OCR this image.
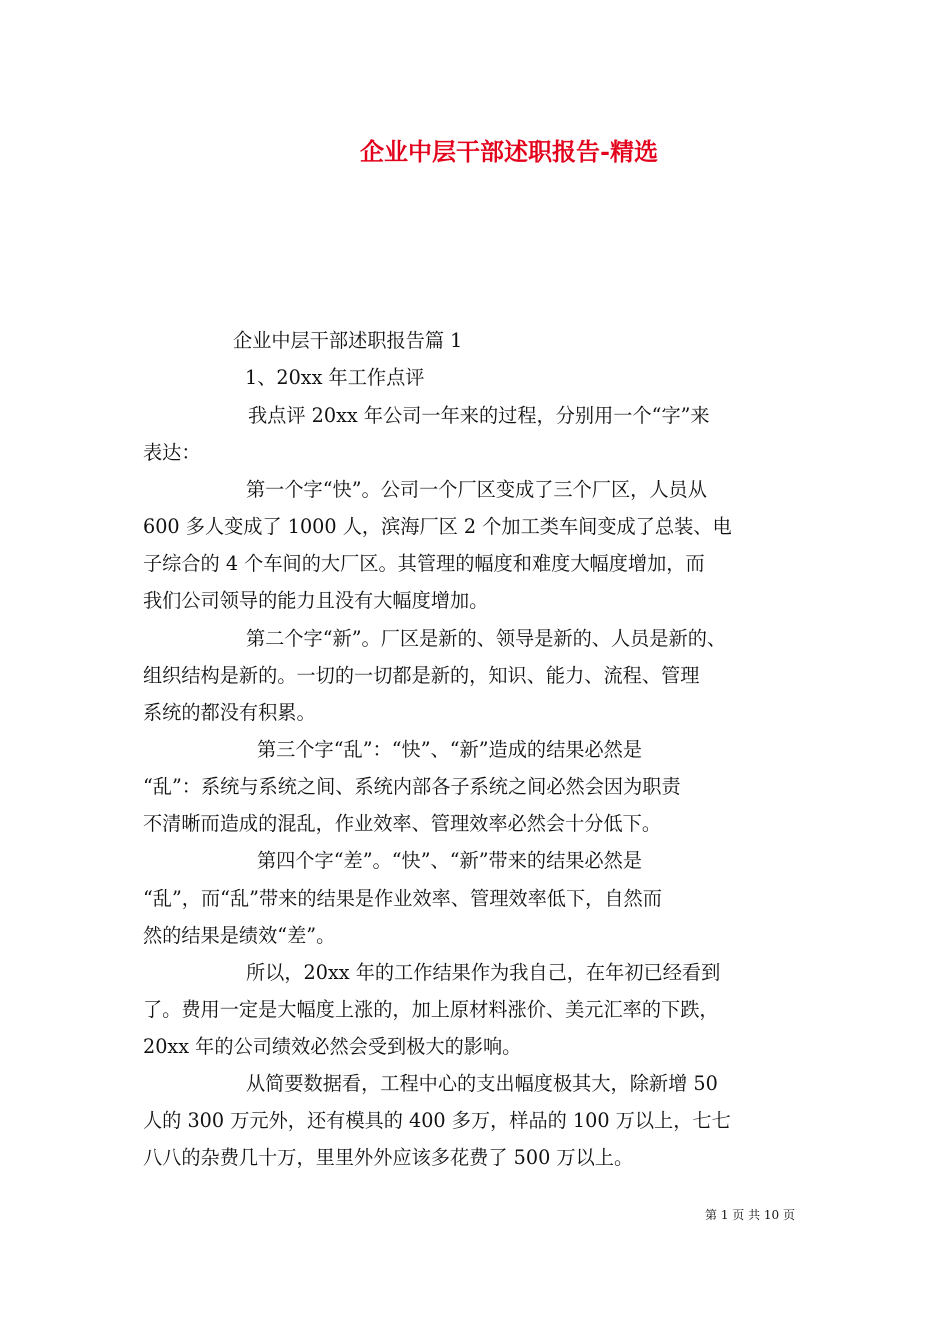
企业中层干部述职报告-精选
企业中层干部述职报告篇 1
1、20xx 年工作点评
我点评 20xx 年公司一年来的过程，分别用一个“字”来
表达：
第一个字“快”。公司一个厂区变成了三个厂区，人员从
600 多人变成了 1000 人，滨海厂区 2 个加工类车间变成了总装、电
子综合的 4 个车间的大厂区。其管理的幅度和难度大幅度增加，而
我们公司领导的能力且没有大幅度增加。
第二个字“新”。厂区是新的、领导是新的、人员是新的、
组织结构是新的。一切的一切都是新的，知识、能力、流程、管理
系统的都没有积累。
第三个字“乱”：“快”、“新”造成的结果必然是
“乱”：系统与系统之间、系统内部各子系统之间必然会因为职责
不清晰而造成的混乱，作业效率、管理效率必然会十分低下。
第四个字“差”。“快”、“新”带来的结果必然是
“乱”，而“乱”带来的结果是作业效率、管理效率低下，自然而
然的结果是绩效“差”。
所以，20xx 年的工作结果作为我自己，在年初已经看到
了。费用一定是大幅度上涨的，加上原材料涨价、美元汇率的下跌，
20xx 年的公司绩效必然会受到极大的影响。
从简要数据看，工程中心的支出幅度极其大，除新增 50
人的 300 万元外，还有模具的 400 多万，样品的 100 万以上，七七
八八的杂费几十万，里里外外应该多花费了 500 万以上。
第 1 页 共 10 页
